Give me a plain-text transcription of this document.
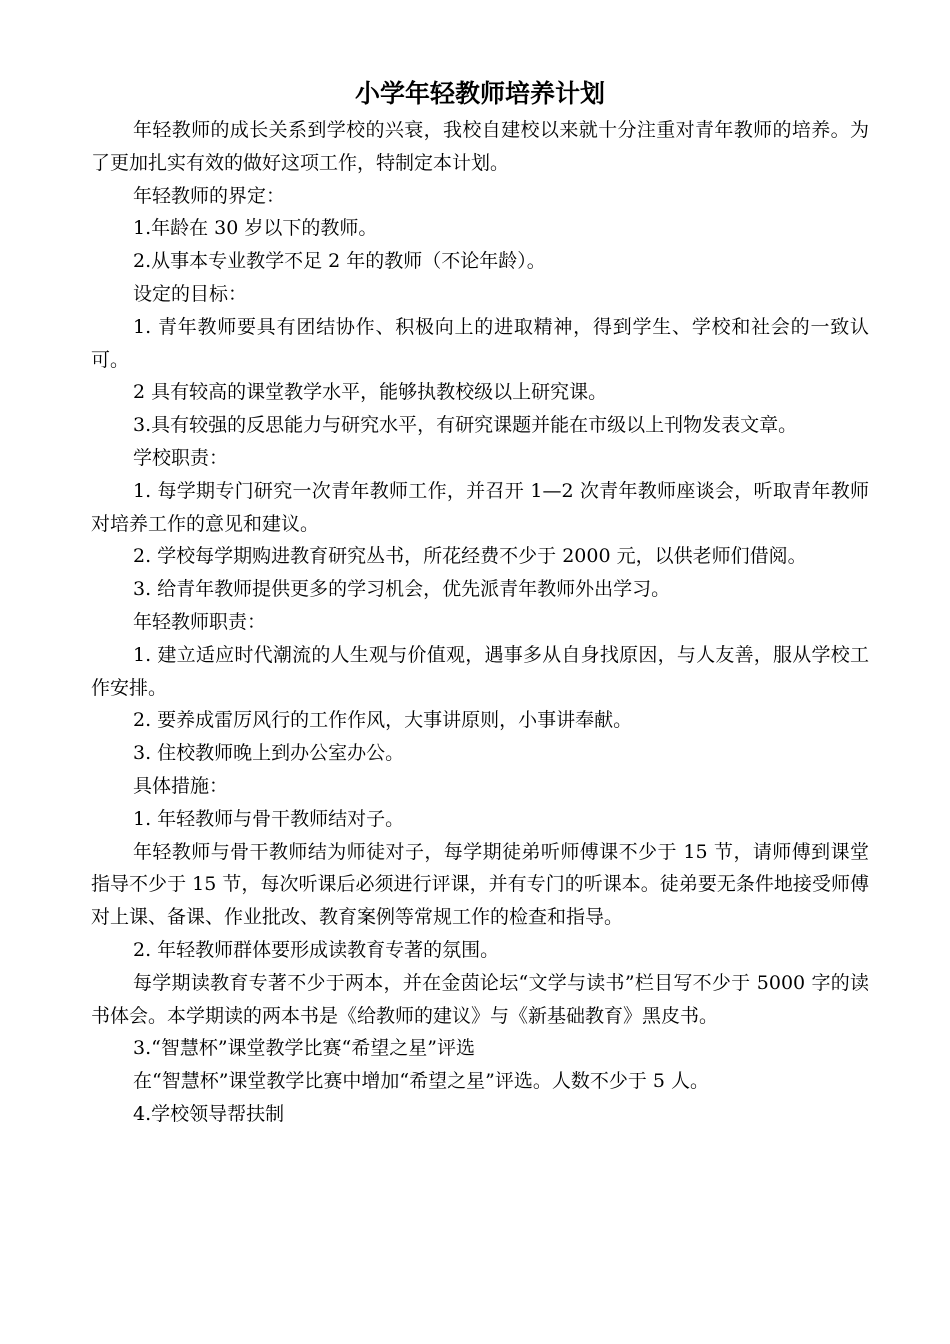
小学年轻教师培养计划

年轻教师的成长关系到学校的兴衰，我校自建校以来就十分注重对青年教师的培养。为了更加扎实有效的做好这项工作，特制定本计划。

年轻教师的界定：

1.年龄在 30 岁以下的教师。

2.从事本专业教学不足 2 年的教师（不论年龄）。

设定的目标：

1. 青年教师要具有团结协作、积极向上的进取精神，得到学生、学校和社会的一致认可。

2 具有较高的课堂教学水平，能够执教校级以上研究课。

3.具有较强的反思能力与研究水平，有研究课题并能在市级以上刊物发表文章。

学校职责：

1. 每学期专门研究一次青年教师工作，并召开 1—2 次青年教师座谈会，听取青年教师对培养工作的意见和建议。

2. 学校每学期购进教育研究丛书，所花经费不少于 2000 元，以供老师们借阅。

3. 给青年教师提供更多的学习机会，优先派青年教师外出学习。

年轻教师职责：

1. 建立适应时代潮流的人生观与价值观，遇事多从自身找原因，与人友善，服从学校工作安排。

2. 要养成雷厉风行的工作作风，大事讲原则，小事讲奉献。

3. 住校教师晚上到办公室办公。

具体措施：

1. 年轻教师与骨干教师结对子。

年轻教师与骨干教师结为师徒对子，每学期徒弟听师傅课不少于 15 节，请师傅到课堂指导不少于 15 节，每次听课后必须进行评课，并有专门的听课本。徒弟要无条件地接受师傅对上课、备课、作业批改、教育案例等常规工作的检查和指导。

2. 年轻教师群体要形成读教育专著的氛围。

每学期读教育专著不少于两本，并在金茵论坛“文学与读书”栏目写不少于 5000 字的读书体会。本学期读的两本书是《给教师的建议》与《新基础教育》黑皮书。

3.“智慧杯”课堂教学比赛“希望之星”评选

在“智慧杯”课堂教学比赛中增加“希望之星”评选。人数不少于 5 人。

4.学校领导帮扶制
